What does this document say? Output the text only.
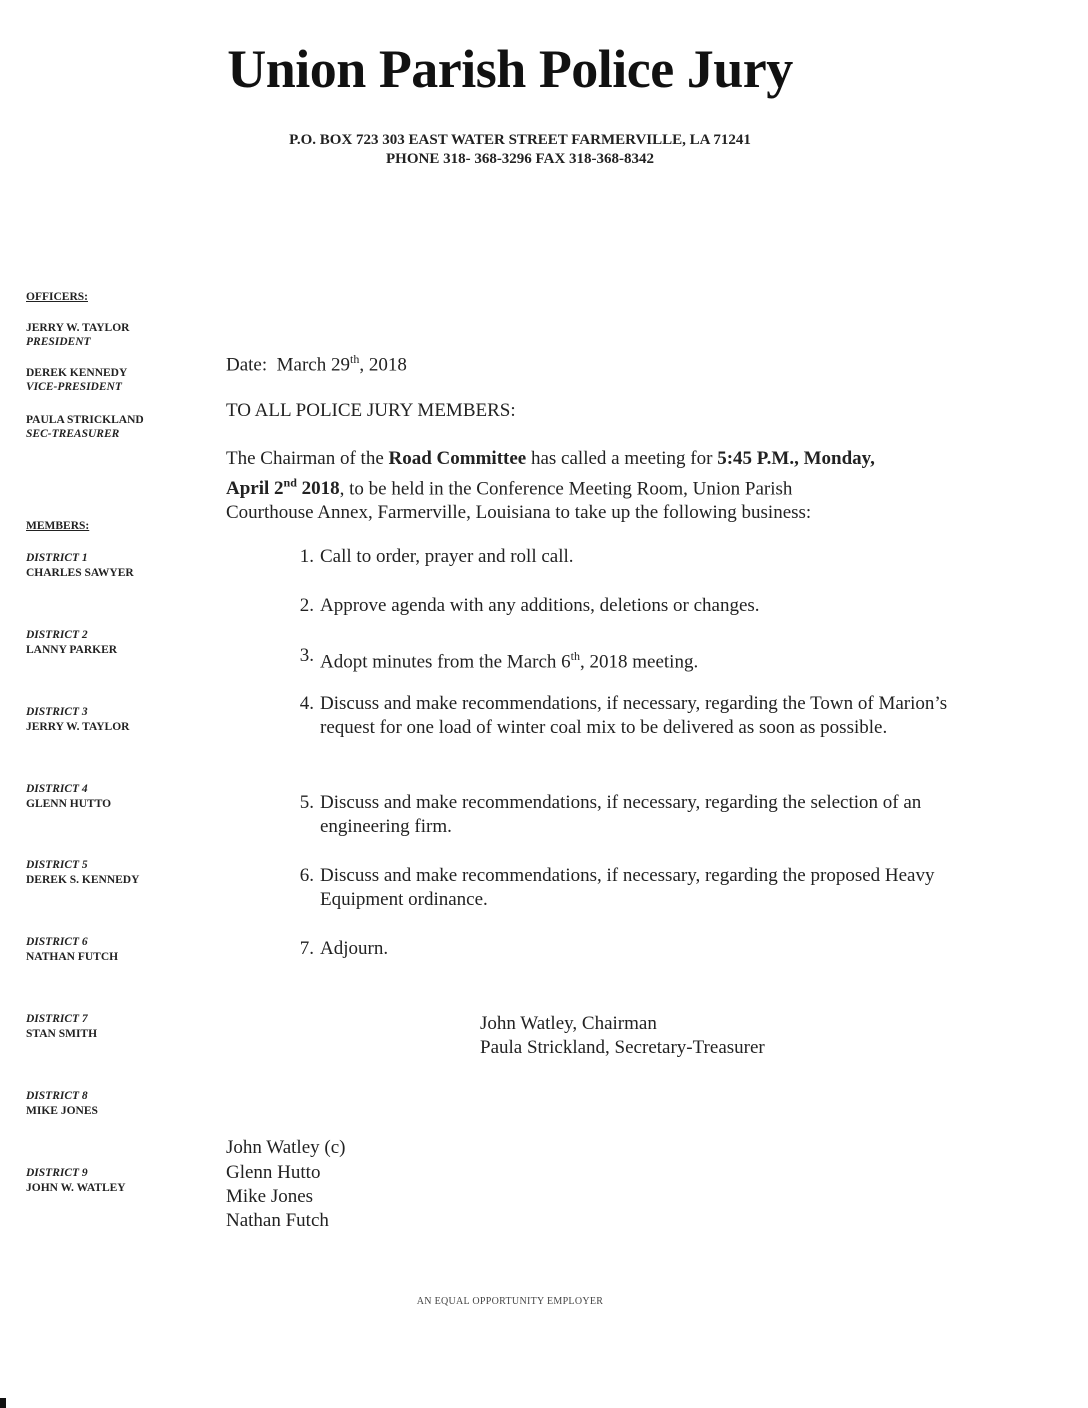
Union Parish Police Jury
P.O. BOX 723 303 EAST WATER STREET FARMERVILLE, LA 71241
PHONE 318- 368-3296 FAX 318-368-8342
OFFICERS:
JERRY W. TAYLOR
PRESIDENT
DEREK KENNEDY
VICE-PRESIDENT
PAULA STRICKLAND
SEC-TREASURER
MEMBERS:
DISTRICT 1
CHARLES SAWYER
DISTRICT 2
LANNY PARKER
DISTRICT 3
JERRY W. TAYLOR
DISTRICT 4
GLENN HUTTO
DISTRICT 5
DEREK S. KENNEDY
DISTRICT 6
NATHAN FUTCH
DISTRICT 7
STAN SMITH
DISTRICT 8
MIKE JONES
DISTRICT 9
JOHN W. WATLEY
Date: March 29th, 2018
TO ALL POLICE JURY MEMBERS:
The Chairman of the Road Committee has called a meeting for 5:45 P.M., Monday,
April 2nd 2018, to be held in the Conference Meeting Room, Union Parish
Courthouse Annex, Farmerville, Louisiana to take up the following business:
1. Call to order, prayer and roll call.
2. Approve agenda with any additions, deletions or changes.
3. Adopt minutes from the March 6th, 2018 meeting.
4. Discuss and make recommendations, if necessary, regarding the Town of Marion’s request for one load of winter coal mix to be delivered as soon as possible.
5. Discuss and make recommendations, if necessary, regarding the selection of an engineering firm.
6. Discuss and make recommendations, if necessary, regarding the proposed Heavy Equipment ordinance.
7. Adjourn.
John Watley, Chairman
Paula Strickland, Secretary-Treasurer
John Watley (c)
Glenn Hutto
Mike Jones
Nathan Futch
AN EQUAL OPPORTUNITY EMPLOYER
